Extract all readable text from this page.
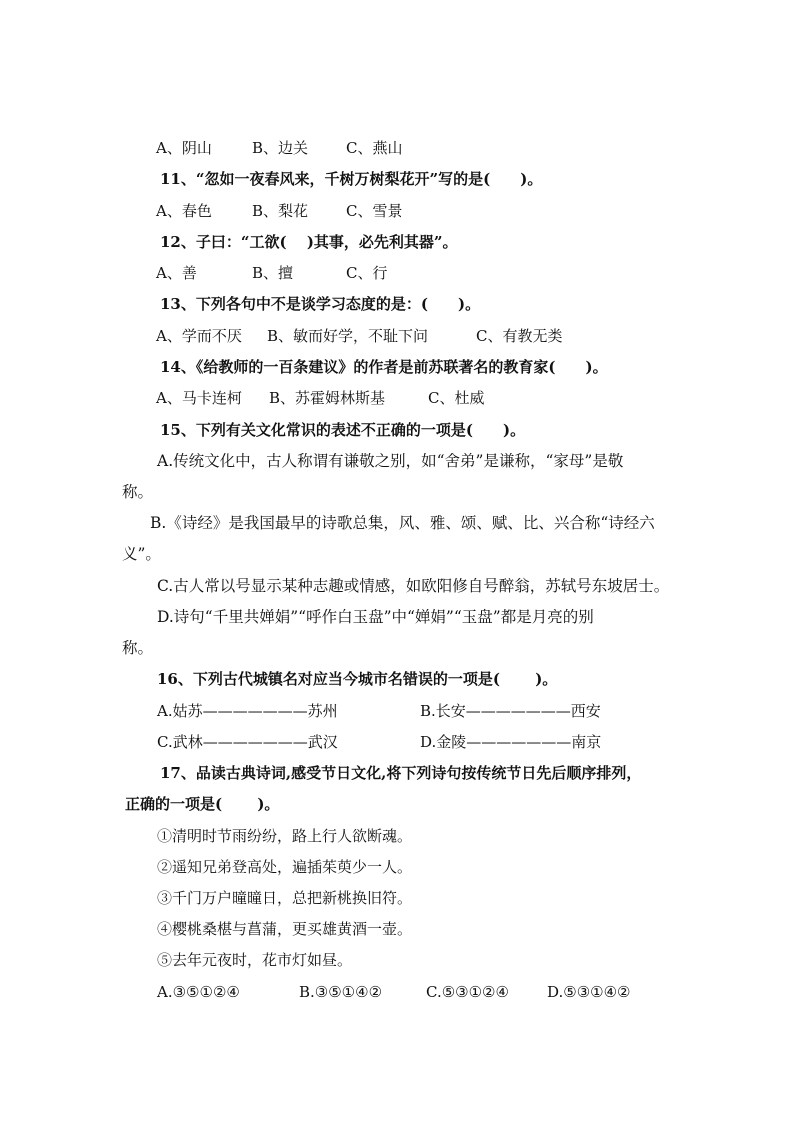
A、阴山	B、边关	C、燕山
11、“忽如一夜春风来，千树万树梨花开”写的是(　　)。
A、春色	B、梨花	C、雪景
12、子曰：“工欲(　 )其事，必先利其器”。
A、善	B、擅	C、行
13、下列各句中不是谈学习态度的是：(　　)。
A、学而不厌 B、敏而好学，不耻下问	C、有教无类
14、《给教师的一百条建议》的作者是前苏联著名的教育家(　　)。
A、马卡连柯 B、苏霍姆林斯基	C、杜威
15、下列有关文化常识的表述不正确的一项是(　　)。
A.传统文化中，古人称谓有谦敬之别，如“舍弟”是谦称，“家母”是敬
称。
B.《诗经》是我国最早的诗歌总集，风、雅、颂、赋、比、兴合称“诗经六
义”。
C.古人常以号显示某种志趣或情感，如欧阳修自号醉翁，苏轼号东坡居士。
D.诗句“千里共婵娟”“呼作白玉盘”中“婵娟”“玉盘”都是月亮的别
称。
16、下列古代城镇名对应当今城市名错误的一项是(　　 )。
A.姑苏———————苏州	B.长安———————西安
C.武林———————武汉	D.金陵———————南京
17、品读古典诗词,感受节日文化,将下列诗句按传统节日先后顺序排列，
正确的一项是(　　 )。
①清明时节雨纷纷，路上行人欲断魂。
②遥知兄弟登高处，遍插茱萸少一人。
③千门万户曈曈日，总把新桃换旧符。
④樱桃桑椹与菖蒲，更买雄黄酒一壶。
⑤去年元夜时，花市灯如昼。
A.③⑤①②④	B.③⑤①④②	C.⑤③①②④	D.⑤③①④②
